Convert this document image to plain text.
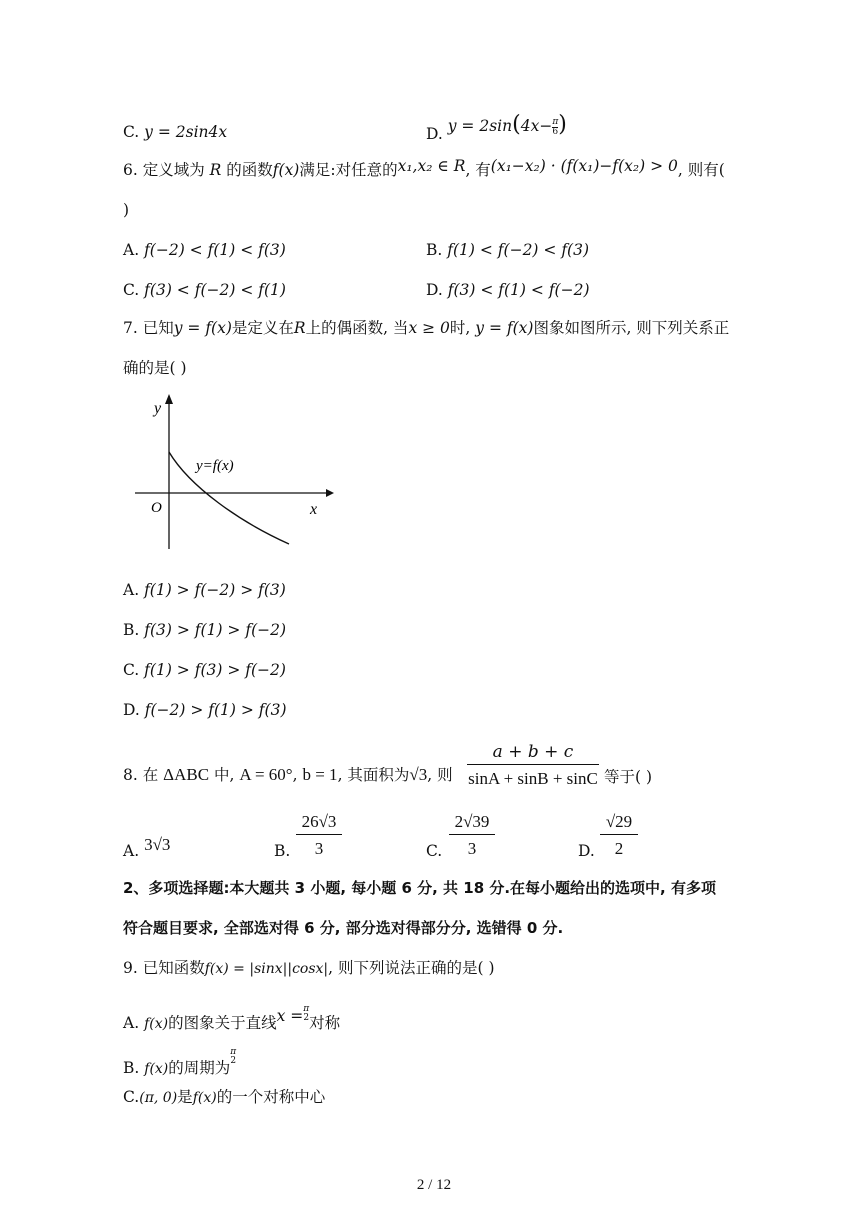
C. y = 2sin4x	D. $y = 2\sin(4x- \frac{\pi}{6}$ )
6. 定义域为 R 的函数f(x)满足:对任意的x₁,x₂ ∈ R, 有(x₁−x₂) · (f(x₁)−f(x₂) > 0, 则有(
)
A. f(−2) < f(1) < f(3)	B. f(1) < f(−2) < f(3)
C. f(3) < f(−2) < f(1)	D. f(3) < f(1) < f(−2)
7. 已知y = f(x)是定义在R上的偶函数, 当x ≥ 0时, y = f(x)图象如图所示, 则下列关系正
确的是( )
y
x
O
y=f(x)
A. f(1) > f(−2) > f(3)
B. f(3) > f(1) > f(−2)
C. f(1) > f(3) > f(−2)
D. f(−2) > f(1) > f(3)
8. 在 ΔABC 中, A = 60°, b = 1, 其面积为√3, 则 $\frac{a + b + c}{\sin A + \sin B + \sin C}$ 等于( )
A. 3√3	B. $\frac{26√3}{3}$	C. $\frac{2√39}{3}$	D. $\frac{√29}{2}$
2、多项选择题:本大题共 3 小题, 每小题 6 分, 共 18 分.在每小题给出的选项中, 有多项
符合题目要求, 全部选对得 6 分, 部分选对得部分分, 选错得 0 分.
9. 已知函数f(x) = |sinx||cosx|, 则下列说法正确的是( )
A. f(x)的图象关于直线x = π
2 对称
B. f(x)的周期为
π
2
C.(π, 0)是f(x)的一个对称中心
2 / 12
